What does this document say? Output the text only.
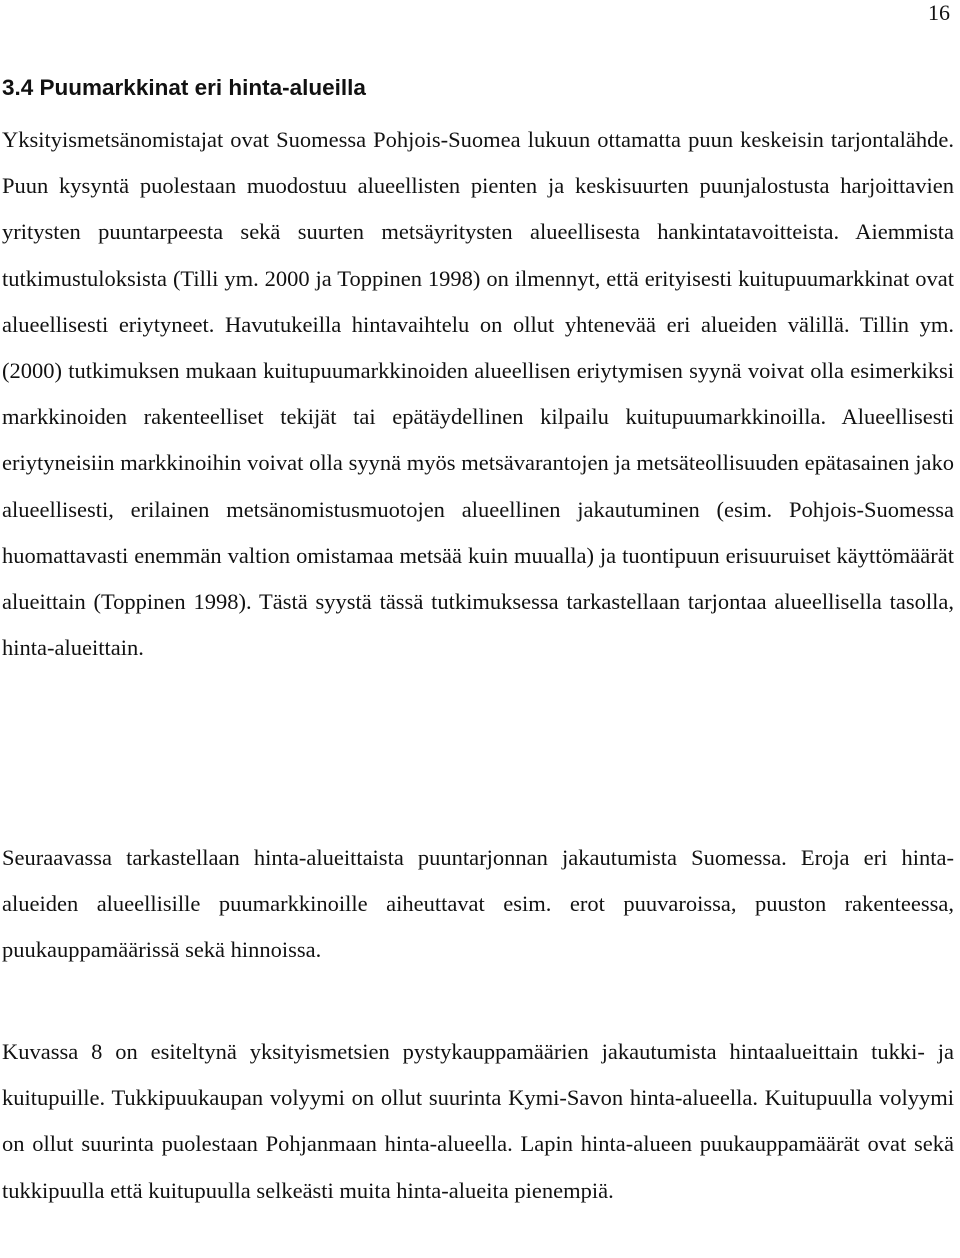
16
3.4 Puumarkkinat eri hinta-alueilla

Yksityismetsänomistajat ovat Suomessa Pohjois-Suomea lukuun ottamatta puun keskeisin tarjontalähde. Puun kysyntä puolestaan muodostuu alueellisten pienten ja keskisuurten puunjalostusta harjoittavien yritysten puuntarpeesta sekä suurten metsäyritysten alueellisesta hankintatavoitteista. Aiemmista tutkimustuloksista (Tilli ym. 2000 ja Toppinen 1998) on ilmennyt, että erityisesti kuitupuumarkkinat ovat alueellisesti eriytyneet. Havutukeilla hintavaihtelu on ollut yhtenevää eri alueiden välillä. Tillin ym. (2000) tutkimuksen mukaan kuitupuumarkkinoiden alueellisen eriytymisen syynä voivat olla esimerkiksi markkinoiden rakenteelliset tekijät tai epätäydellinen kilpailu kuitupuumarkkinoilla. Alueellisesti eriytyneisiin markkinoihin voivat olla syynä myös metsävarantojen ja metsäteollisuuden epätasainen jako alueellisesti, erilainen metsänomistusmuotojen alueellinen jakautuminen (esim. Pohjois-Suomessa huomattavasti enemmän valtion omistamaa metsää kuin muualla) ja tuontipuun erisuuruiset käyttömäärät alueittain (Toppinen 1998). Tästä syystä tässä tutkimuksessa tarkastellaan tarjontaa alueellisella tasolla, hinta-alueittain.

Seuraavassa tarkastellaan hinta-alueittaista puuntarjonnan jakautumista Suomessa. Eroja eri hinta-alueiden alueellisille puumarkkinoille aiheuttavat esim. erot puuvaroissa, puuston rakenteessa, puukauppamäärissä sekä hinnoissa.

Kuvassa 8 on esiteltynä yksityismetsien pystykauppamäärien jakautumista hintaalueittain tukki- ja kuitupuille. Tukkipuukaupan volyymi on ollut suurinta Kymi-Savon hinta-alueella. Kuitupuulla volyymi on ollut suurinta puolestaan Pohjanmaan hinta-alueella. Lapin hinta-alueen puukauppamäärät ovat sekä tukkipuulla että kuitupuulla selkeästi muita hinta-alueita pienempiä.
